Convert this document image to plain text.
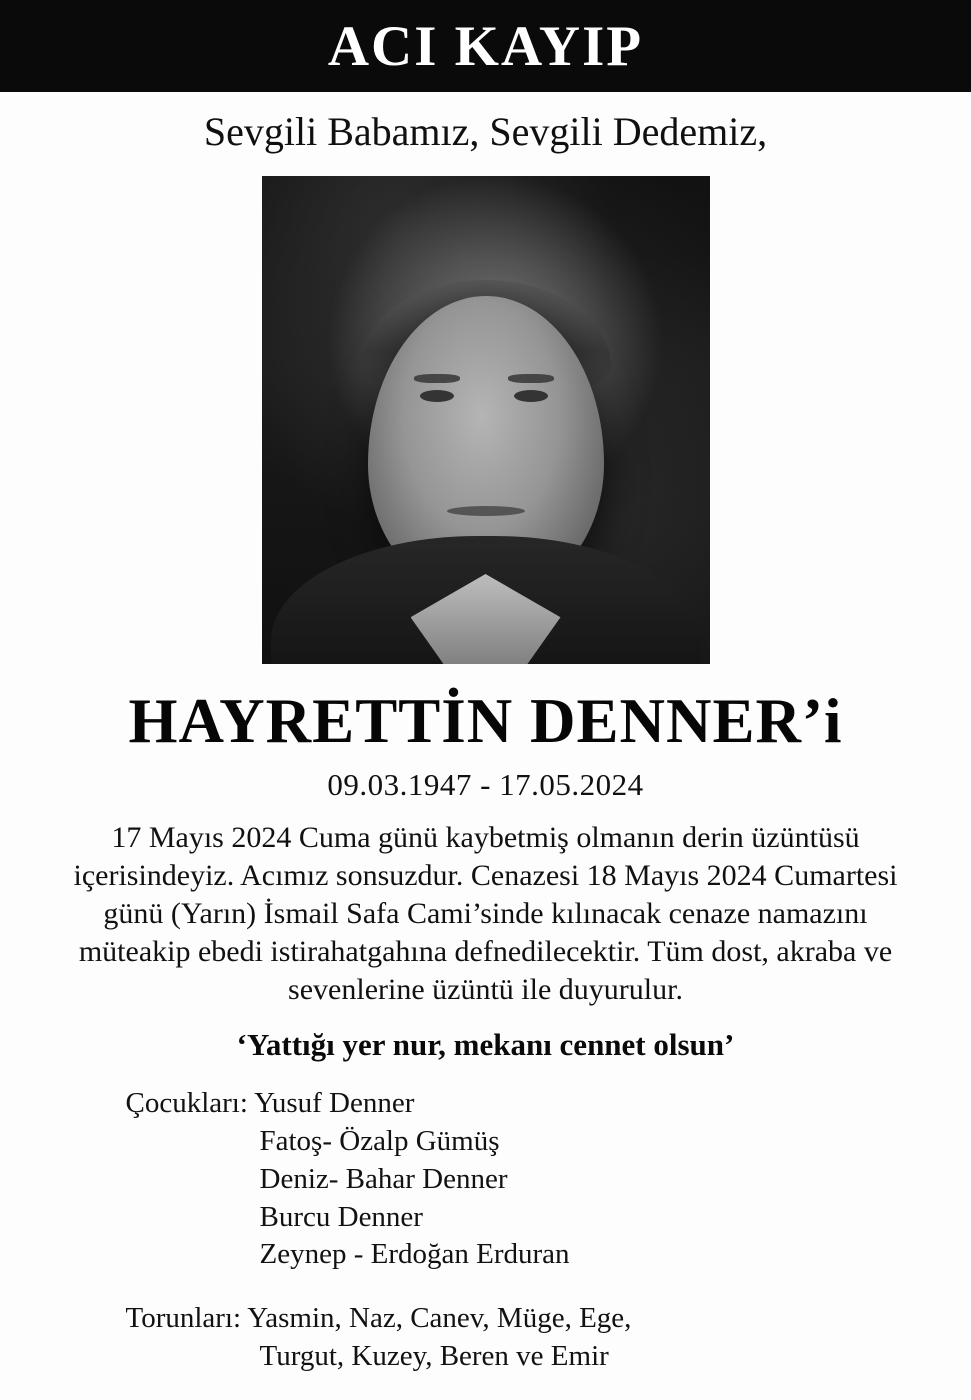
ACI KAYIP
Sevgili Babamız, Sevgili Dedemiz,
HAYRETTİN DENNER’i
09.03.1947 - 17.05.2024
17 Mayıs 2024 Cuma günü kaybetmiş olmanın derin üzüntüsü içerisindeyiz. Acımız sonsuzdur. Cenazesi 18 Mayıs 2024 Cumartesi günü (Yarın) İsmail Safa Cami’sinde kılınacak cenaze namazını müteakip ebedi istirahatgahına defnedilecektir. Tüm dost, akraba ve sevenlerine üzüntü ile duyurulur.
‘Yattığı yer nur, mekanı cennet olsun’
Çocukları: Yusuf Denner
Fatoş- Özalp Gümüş
Deniz- Bahar Denner
Burcu Denner
Zeynep - Erdoğan Erduran
Torunları: Yasmin, Naz, Canev, Müge, Ege,
Turgut, Kuzey, Beren ve Emir
